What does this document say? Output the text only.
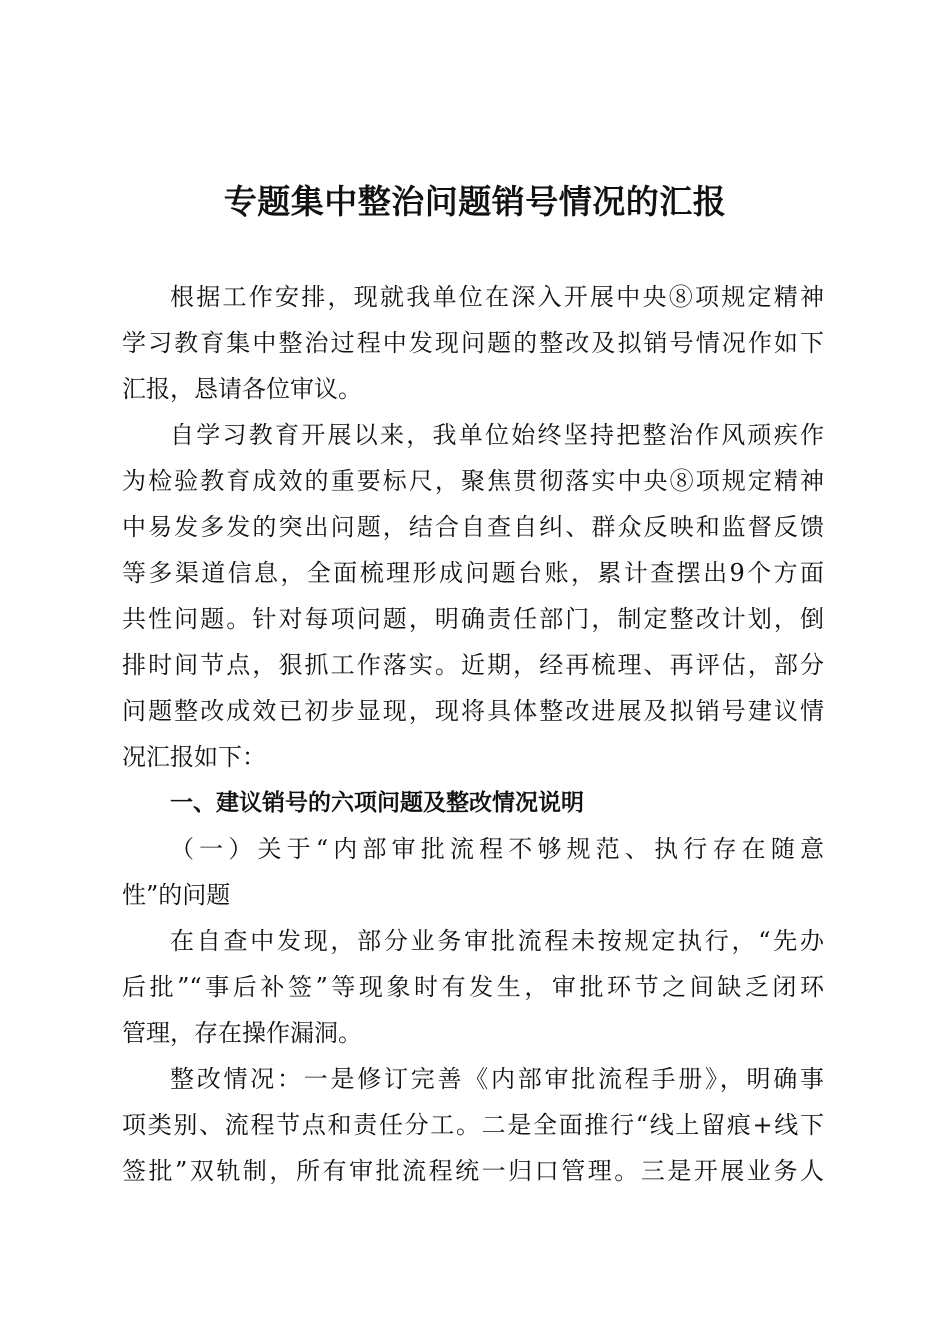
专题集中整治问题销号情况的汇报
根据工作安排，现就我单位在深入开展中央⑧项规定精神
学习教育集中整治过程中发现问题的整改及拟销号情况作如下
汇报，恳请各位审议。
自学习教育开展以来，我单位始终坚持把整治作风顽疾作
为检验教育成效的重要标尺，聚焦贯彻落实中央⑧项规定精神
中易发多发的突出问题，结合自查自纠、群众反映和监督反馈
等多渠道信息，全面梳理形成问题台账，累计查摆出9个方面
共性问题。针对每项问题，明确责任部门，制定整改计划，倒
排时间节点，狠抓工作落实。近期，经再梳理、再评估，部分
问题整改成效已初步显现，现将具体整改进展及拟销号建议情
况汇报如下：
一、建议销号的六项问题及整改情况说明
（一）关于“内部审批流程不够规范、执行存在随意
性”的问题
在自查中发现，部分业务审批流程未按规定执行，“先办
后批”“事后补签”等现象时有发生，审批环节之间缺乏闭环
管理，存在操作漏洞。
整改情况：一是修订完善《内部审批流程手册》，明确事
项类别、流程节点和责任分工。二是全面推行“线上留痕+线下
签批”双轨制，所有审批流程统一归口管理。三是开展业务人
